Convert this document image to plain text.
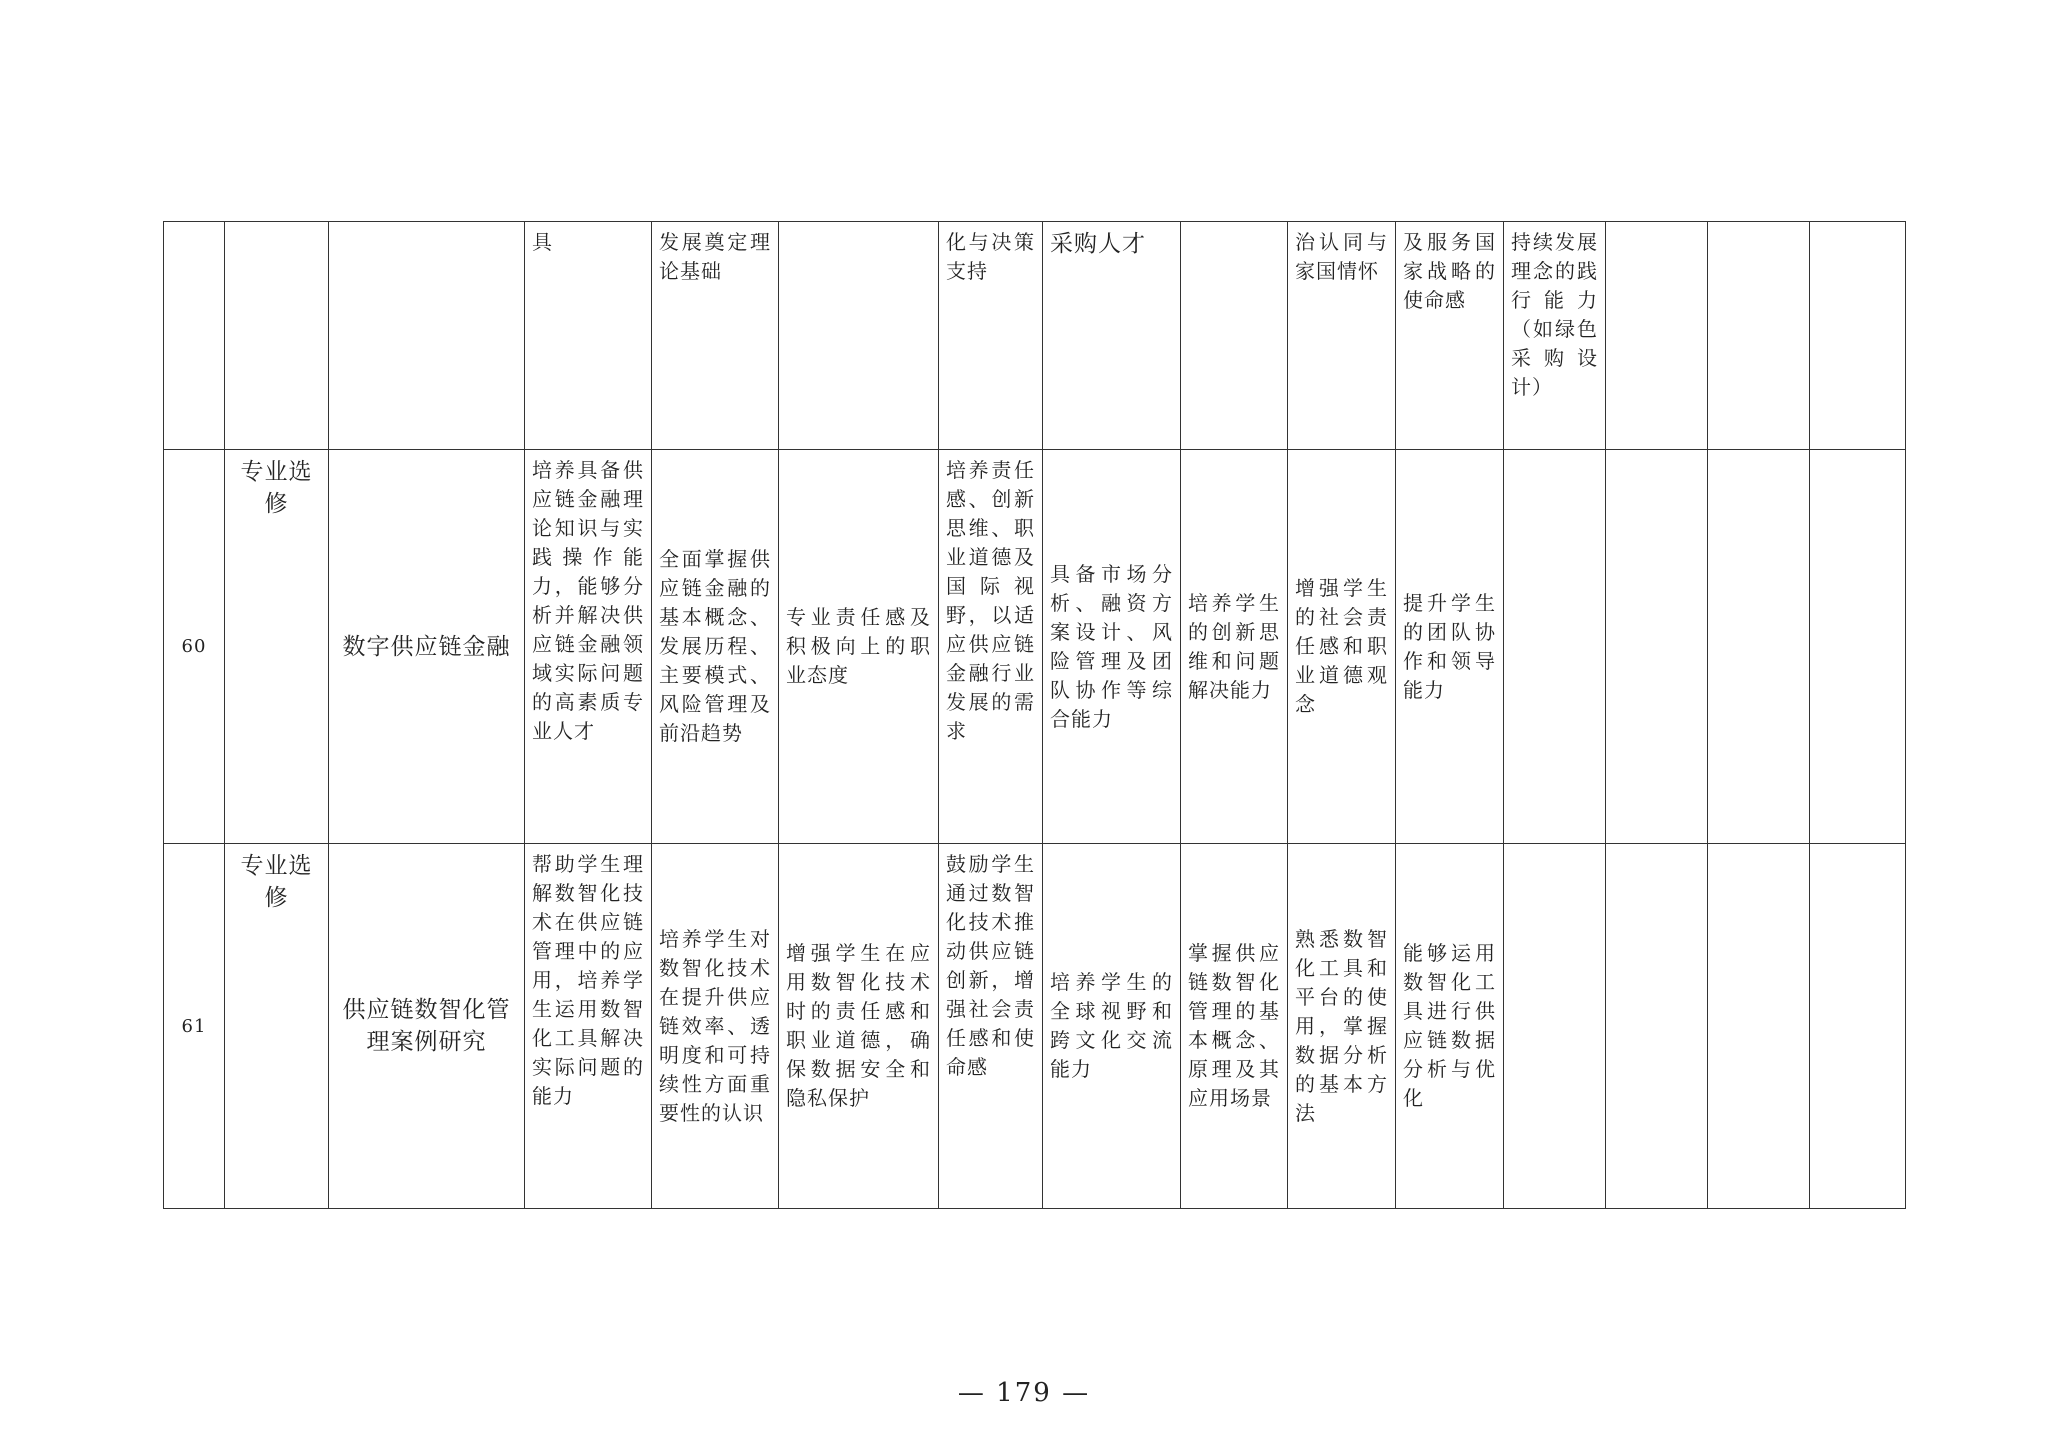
			具	发展奠定理论基础		化与决策支持	采购人才		治认同与家国情怀	及服务国家战略的使命感	持续发展理念的践行能力（如绿色采购设计）			
60	专业选修	数字供应链金融	培养具备供应链金融理论知识与实践操作能力，能够分析并解决供应链金融领域实际问题的高素质专业人才	全面掌握供应链金融的基本概念、发展历程、主要模式、风险管理及前沿趋势	专业责任感及积极向上的职业态度	培养责任感、创新思维、职业道德及国际视野，以适应供应链金融行业发展的需求	具备市场分析、融资方案设计、风险管理及团队协作等综合能力	培养学生的创新思维和问题解决能力	增强学生的社会责任感和职业道德观念	提升学生的团队协作和领导能力				
61	专业选修	供应链数智化管理案例研究	帮助学生理解数智化技术在供应链管理中的应用，培养学生运用数智化工具解决实际问题的能力	培养学生对数智化技术在提升供应链效率、透明度和可持续性方面重要性的认识	增强学生在应用数智化技术时的责任感和职业道德，确保数据安全和隐私保护	鼓励学生通过数智化技术推动供应链创新，增强社会责任感和使命感	培养学生的全球视野和跨文化交流能力	掌握供应链数智化管理的基本概念、原理及其应用场景	熟悉数智化工具和平台的使用，掌握数据分析的基本方法	能够运用数智化工具进行供应链数据分析与优化				
— 179 —
